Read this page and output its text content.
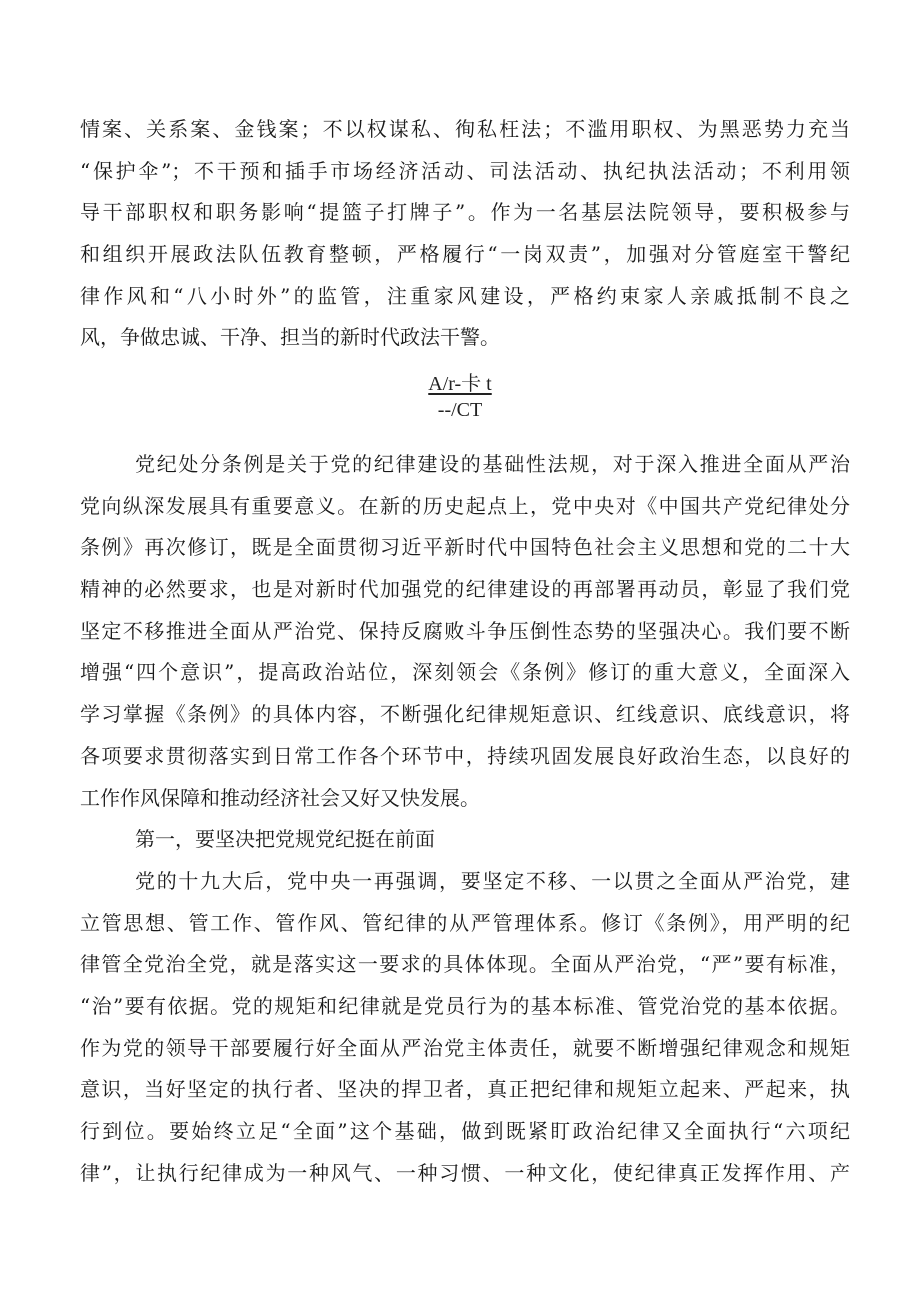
情案、关系案、金钱案；不以权谋私、徇私枉法；不滥用职权、为黑恶势力充当
“保护伞”；不干预和插手市场经济活动、司法活动、执纪执法活动；不利用领
导干部职权和职务影响“提篮子打牌子”。作为一名基层法院领导，要积极参与
和组织开展政法队伍教育整顿，严格履行“一岗双责”，加强对分管庭室干警纪
律作风和“八小时外”的监管，注重家风建设，严格约束家人亲戚抵制不良之
风，争做忠诚、干净、担当的新时代政法干警。
A/r-卡 t
--/CT
党纪处分条例是关于党的纪律建设的基础性法规，对于深入推进全面从严治
党向纵深发展具有重要意义。在新的历史起点上，党中央对《中国共产党纪律处分
条例》再次修订，既是全面贯彻习近平新时代中国特色社会主义思想和党的二十大
精神的必然要求，也是对新时代加强党的纪律建设的再部署再动员，彰显了我们党
坚定不移推进全面从严治党、保持反腐败斗争压倒性态势的坚强决心。我们要不断
增强“四个意识”，提高政治站位，深刻领会《条例》修订的重大意义，全面深入
学习掌握《条例》的具体内容，不断强化纪律规矩意识、红线意识、底线意识，将
各项要求贯彻落实到日常工作各个环节中，持续巩固发展良好政治生态，以良好的
工作作风保障和推动经济社会又好又快发展。
第一，要坚决把党规党纪挺在前面
党的十九大后，党中央一再强调，要坚定不移、一以贯之全面从严治党，建
立管思想、管工作、管作风、管纪律的从严管理体系。修订《条例》，用严明的纪
律管全党治全党，就是落实这一要求的具体体现。全面从严治党，“严”要有标准，
“治”要有依据。党的规矩和纪律就是党员行为的基本标准、管党治党的基本依据。
作为党的领导干部要履行好全面从严治党主体责任，就要不断增强纪律观念和规矩
意识，当好坚定的执行者、坚决的捍卫者，真正把纪律和规矩立起来、严起来，执
行到位。要始终立足“全面”这个基础，做到既紧盯政治纪律又全面执行“六项纪
律”，让执行纪律成为一种风气、一种习惯、一种文化，使纪律真正发挥作用、产
